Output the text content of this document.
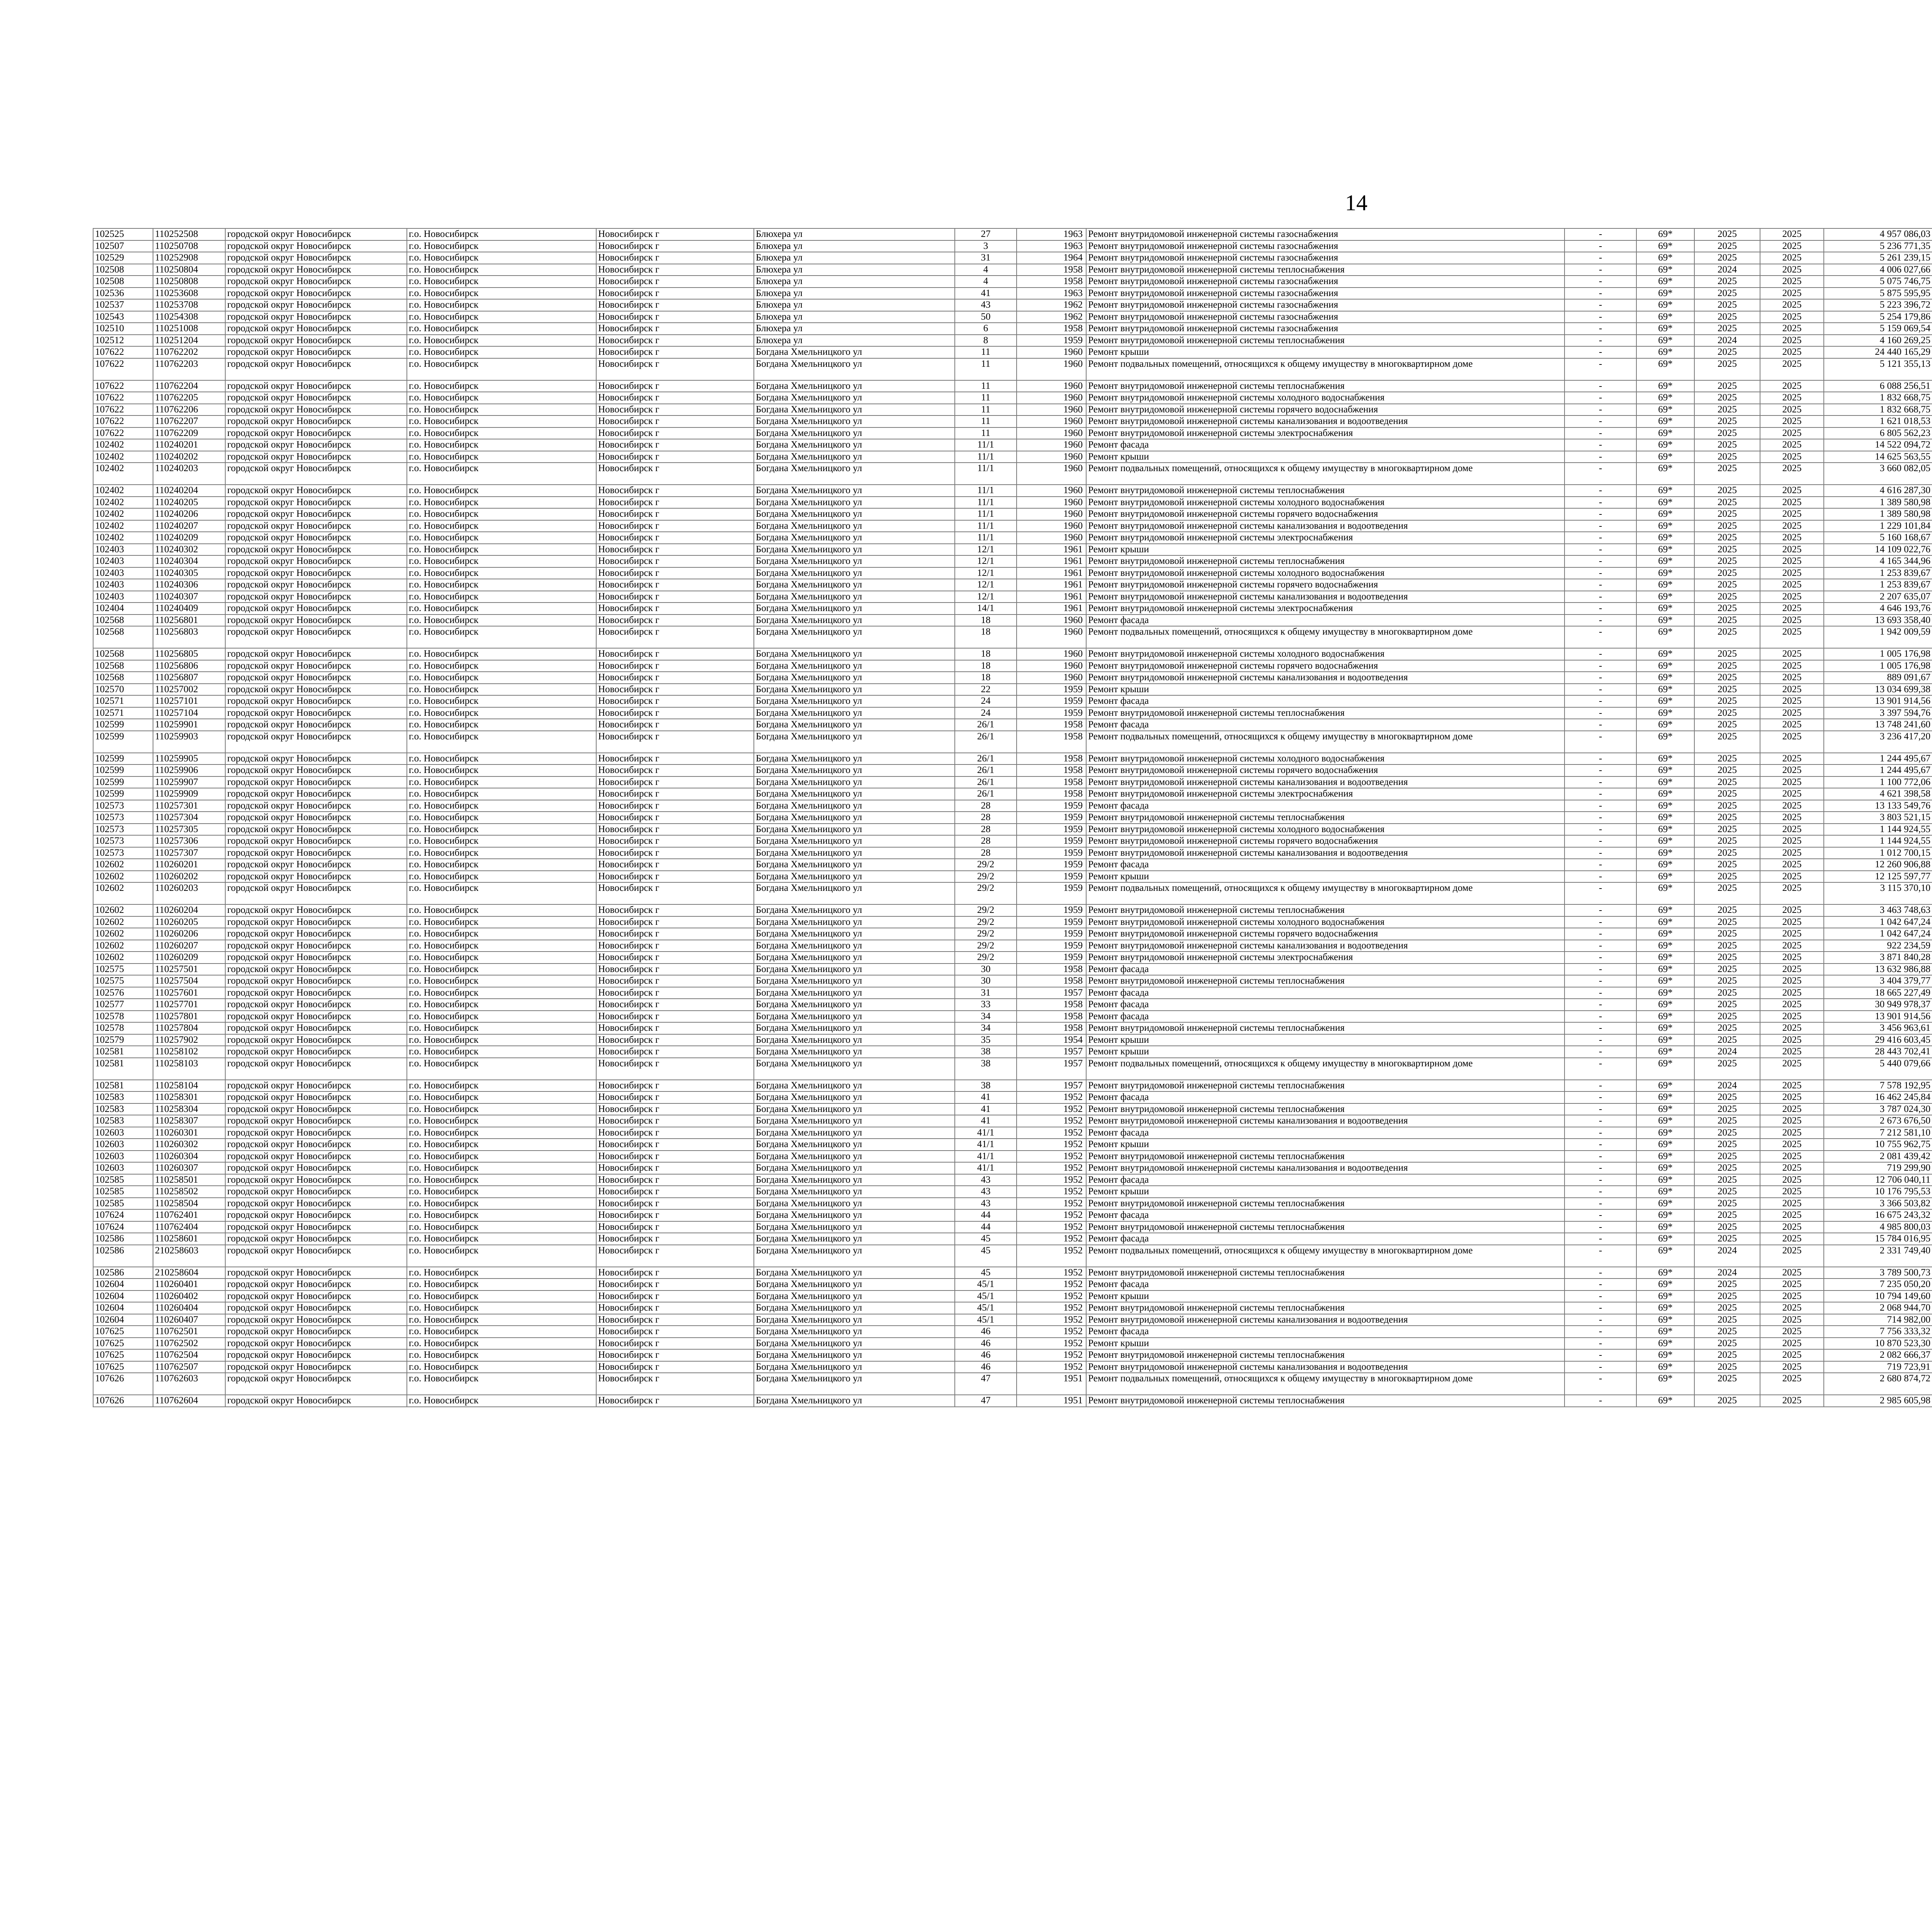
14
102525	110252508	городской округ Новосибирск	г.о. Новосибирск	Новосибирск г	Блюхера ул	27	1963	Ремонт внутридомовой инженерной системы газоснабжения	-	69*	2025	2025	4 957 086,03						
102507	110250708	городской округ Новосибирск	г.о. Новосибирск	Новосибирск г	Блюхера ул	3	1963	Ремонт внутридомовой инженерной системы газоснабжения	-	69*	2025	2025	5 236 771,35						
102529	110252908	городской округ Новосибирск	г.о. Новосибирск	Новосибирск г	Блюхера ул	31	1964	Ремонт внутридомовой инженерной системы газоснабжения	-	69*	2025	2025	5 261 239,15						
102508	110250804	городской округ Новосибирск	г.о. Новосибирск	Новосибирск г	Блюхера ул	4	1958	Ремонт внутридомовой инженерной системы теплоснабжения	-	69*	2024	2025	4 006 027,66						
102508	110250808	городской округ Новосибирск	г.о. Новосибирск	Новосибирск г	Блюхера ул	4	1958	Ремонт внутридомовой инженерной системы газоснабжения	-	69*	2025	2025	5 075 746,75						
102536	110253608	городской округ Новосибирск	г.о. Новосибирск	Новосибирск г	Блюхера ул	41	1963	Ремонт внутридомовой инженерной системы газоснабжения	-	69*	2025	2025	5 875 595,95						
102537	110253708	городской округ Новосибирск	г.о. Новосибирск	Новосибирск г	Блюхера ул	43	1962	Ремонт внутридомовой инженерной системы газоснабжения	-	69*	2025	2025	5 223 396,72						
102543	110254308	городской округ Новосибирск	г.о. Новосибирск	Новосибирск г	Блюхера ул	50	1962	Ремонт внутридомовой инженерной системы газоснабжения	-	69*	2025	2025	5 254 179,86						
102510	110251008	городской округ Новосибирск	г.о. Новосибирск	Новосибирск г	Блюхера ул	6	1958	Ремонт внутридомовой инженерной системы газоснабжения	-	69*	2025	2025	5 159 069,54						
102512	110251204	городской округ Новосибирск	г.о. Новосибирск	Новосибирск г	Блюхера ул	8	1959	Ремонт внутридомовой инженерной системы теплоснабжения	-	69*	2024	2025	4 160 269,25						
107622	110762202	городской округ Новосибирск	г.о. Новосибирск	Новосибирск г	Богдана Хмельницкого ул	11	1960	Ремонт крыши	-	69*	2025	2025	24 440 165,29						
107622	110762203	городской округ Новосибирск	г.о. Новосибирск	Новосибирск г	Богдана Хмельницкого ул	11	1960	Ремонт подвальных помещений, относящихся к общему имуществу в многоквартирном доме	-	69*	2025	2025	5 121 355,13						
107622	110762204	городской округ Новосибирск	г.о. Новосибирск	Новосибирск г	Богдана Хмельницкого ул	11	1960	Ремонт внутридомовой инженерной системы теплоснабжения	-	69*	2025	2025	6 088 256,51						
107622	110762205	городской округ Новосибирск	г.о. Новосибирск	Новосибирск г	Богдана Хмельницкого ул	11	1960	Ремонт внутридомовой инженерной системы холодного водоснабжения	-	69*	2025	2025	1 832 668,75						
107622	110762206	городской округ Новосибирск	г.о. Новосибирск	Новосибирск г	Богдана Хмельницкого ул	11	1960	Ремонт внутридомовой инженерной системы горячего водоснабжения	-	69*	2025	2025	1 832 668,75						
107622	110762207	городской округ Новосибирск	г.о. Новосибирск	Новосибирск г	Богдана Хмельницкого ул	11	1960	Ремонт внутридомовой инженерной системы канализования и водоотведения	-	69*	2025	2025	1 621 018,53						
107622	110762209	городской округ Новосибирск	г.о. Новосибирск	Новосибирск г	Богдана Хмельницкого ул	11	1960	Ремонт внутридомовой инженерной системы электроснабжения	-	69*	2025	2025	6 805 562,23						
102402	110240201	городской округ Новосибирск	г.о. Новосибирск	Новосибирск г	Богдана Хмельницкого ул	11/1	1960	Ремонт фасада	-	69*	2025	2025	14 522 094,72						
102402	110240202	городской округ Новосибирск	г.о. Новосибирск	Новосибирск г	Богдана Хмельницкого ул	11/1	1960	Ремонт крыши	-	69*	2025	2025	14 625 563,55						
102402	110240203	городской округ Новосибирск	г.о. Новосибирск	Новосибирск г	Богдана Хмельницкого ул	11/1	1960	Ремонт подвальных помещений, относящихся к общему имуществу в многоквартирном доме	-	69*	2025	2025	3 660 082,05						
102402	110240204	городской округ Новосибирск	г.о. Новосибирск	Новосибирск г	Богдана Хмельницкого ул	11/1	1960	Ремонт внутридомовой инженерной системы теплоснабжения	-	69*	2025	2025	4 616 287,30						
102402	110240205	городской округ Новосибирск	г.о. Новосибирск	Новосибирск г	Богдана Хмельницкого ул	11/1	1960	Ремонт внутридомовой инженерной системы холодного водоснабжения	-	69*	2025	2025	1 389 580,98						
102402	110240206	городской округ Новосибирск	г.о. Новосибирск	Новосибирск г	Богдана Хмельницкого ул	11/1	1960	Ремонт внутридомовой инженерной системы горячего водоснабжения	-	69*	2025	2025	1 389 580,98						
102402	110240207	городской округ Новосибирск	г.о. Новосибирск	Новосибирск г	Богдана Хмельницкого ул	11/1	1960	Ремонт внутридомовой инженерной системы канализования и водоотведения	-	69*	2025	2025	1 229 101,84						
102402	110240209	городской округ Новосибирск	г.о. Новосибирск	Новосибирск г	Богдана Хмельницкого ул	11/1	1960	Ремонт внутридомовой инженерной системы электроснабжения	-	69*	2025	2025	5 160 168,67						
102403	110240302	городской округ Новосибирск	г.о. Новосибирск	Новосибирск г	Богдана Хмельницкого ул	12/1	1961	Ремонт крыши	-	69*	2025	2025	14 109 022,76						
102403	110240304	городской округ Новосибирск	г.о. Новосибирск	Новосибирск г	Богдана Хмельницкого ул	12/1	1961	Ремонт внутридомовой инженерной системы теплоснабжения	-	69*	2025	2025	4 165 344,96						
102403	110240305	городской округ Новосибирск	г.о. Новосибирск	Новосибирск г	Богдана Хмельницкого ул	12/1	1961	Ремонт внутридомовой инженерной системы холодного водоснабжения	-	69*	2025	2025	1 253 839,67						
102403	110240306	городской округ Новосибирск	г.о. Новосибирск	Новосибирск г	Богдана Хмельницкого ул	12/1	1961	Ремонт внутридомовой инженерной системы горячего водоснабжения	-	69*	2025	2025	1 253 839,67						
102403	110240307	городской округ Новосибирск	г.о. Новосибирск	Новосибирск г	Богдана Хмельницкого ул	12/1	1961	Ремонт внутридомовой инженерной системы канализования и водоотведения	-	69*	2025	2025	2 207 635,07						
102404	110240409	городской округ Новосибирск	г.о. Новосибирск	Новосибирск г	Богдана Хмельницкого ул	14/1	1961	Ремонт внутридомовой инженерной системы электроснабжения	-	69*	2025	2025	4 646 193,76						
102568	110256801	городской округ Новосибирск	г.о. Новосибирск	Новосибирск г	Богдана Хмельницкого ул	18	1960	Ремонт фасада	-	69*	2025	2025	13 693 358,40						
102568	110256803	городской округ Новосибирск	г.о. Новосибирск	Новосибирск г	Богдана Хмельницкого ул	18	1960	Ремонт подвальных помещений, относящихся к общему имуществу в многоквартирном доме	-	69*	2025	2025	1 942 009,59						
102568	110256805	городской округ Новосибирск	г.о. Новосибирск	Новосибирск г	Богдана Хмельницкого ул	18	1960	Ремонт внутридомовой инженерной системы холодного водоснабжения	-	69*	2025	2025	1 005 176,98						
102568	110256806	городской округ Новосибирск	г.о. Новосибирск	Новосибирск г	Богдана Хмельницкого ул	18	1960	Ремонт внутридомовой инженерной системы горячего водоснабжения	-	69*	2025	2025	1 005 176,98						
102568	110256807	городской округ Новосибирск	г.о. Новосибирск	Новосибирск г	Богдана Хмельницкого ул	18	1960	Ремонт внутридомовой инженерной системы канализования и водоотведения	-	69*	2025	2025	889 091,67						
102570	110257002	городской округ Новосибирск	г.о. Новосибирск	Новосибирск г	Богдана Хмельницкого ул	22	1959	Ремонт крыши	-	69*	2025	2025	13 034 699,38						
102571	110257101	городской округ Новосибирск	г.о. Новосибирск	Новосибирск г	Богдана Хмельницкого ул	24	1959	Ремонт фасада	-	69*	2025	2025	13 901 914,56						
102571	110257104	городской округ Новосибирск	г.о. Новосибирск	Новосибирск г	Богдана Хмельницкого ул	24	1959	Ремонт внутридомовой инженерной системы теплоснабжения	-	69*	2025	2025	3 397 594,76						
102599	110259901	городской округ Новосибирск	г.о. Новосибирск	Новосибирск г	Богдана Хмельницкого ул	26/1	1958	Ремонт фасада	-	69*	2025	2025	13 748 241,60						
102599	110259903	городской округ Новосибирск	г.о. Новосибирск	Новосибирск г	Богдана Хмельницкого ул	26/1	1958	Ремонт подвальных помещений, относящихся к общему имуществу в многоквартирном доме	-	69*	2025	2025	3 236 417,20						
102599	110259905	городской округ Новосибирск	г.о. Новосибирск	Новосибирск г	Богдана Хмельницкого ул	26/1	1958	Ремонт внутридомовой инженерной системы холодного водоснабжения	-	69*	2025	2025	1 244 495,67						
102599	110259906	городской округ Новосибирск	г.о. Новосибирск	Новосибирск г	Богдана Хмельницкого ул	26/1	1958	Ремонт внутридомовой инженерной системы горячего водоснабжения	-	69*	2025	2025	1 244 495,67						
102599	110259907	городской округ Новосибирск	г.о. Новосибирск	Новосибирск г	Богдана Хмельницкого ул	26/1	1958	Ремонт внутридомовой инженерной системы канализования и водоотведения	-	69*	2025	2025	1 100 772,06						
102599	110259909	городской округ Новосибирск	г.о. Новосибирск	Новосибирск г	Богдана Хмельницкого ул	26/1	1958	Ремонт внутридомовой инженерной системы электроснабжения	-	69*	2025	2025	4 621 398,58						
102573	110257301	городской округ Новосибирск	г.о. Новосибирск	Новосибирск г	Богдана Хмельницкого ул	28	1959	Ремонт фасада	-	69*	2025	2025	13 133 549,76						
102573	110257304	городской округ Новосибирск	г.о. Новосибирск	Новосибирск г	Богдана Хмельницкого ул	28	1959	Ремонт внутридомовой инженерной системы теплоснабжения	-	69*	2025	2025	3 803 521,15						
102573	110257305	городской округ Новосибирск	г.о. Новосибирск	Новосибирск г	Богдана Хмельницкого ул	28	1959	Ремонт внутридомовой инженерной системы холодного водоснабжения	-	69*	2025	2025	1 144 924,55						
102573	110257306	городской округ Новосибирск	г.о. Новосибирск	Новосибирск г	Богдана Хмельницкого ул	28	1959	Ремонт внутридомовой инженерной системы горячего водоснабжения	-	69*	2025	2025	1 144 924,55						
102573	110257307	городской округ Новосибирск	г.о. Новосибирск	Новосибирск г	Богдана Хмельницкого ул	28	1959	Ремонт внутридомовой инженерной системы канализования и водоотведения	-	69*	2025	2025	1 012 700,15						
102602	110260201	городской округ Новосибирск	г.о. Новосибирск	Новосибирск г	Богдана Хмельницкого ул	29/2	1959	Ремонт фасада	-	69*	2025	2025	12 260 906,88						
102602	110260202	городской округ Новосибирск	г.о. Новосибирск	Новосибирск г	Богдана Хмельницкого ул	29/2	1959	Ремонт крыши	-	69*	2025	2025	12 125 597,77						
102602	110260203	городской округ Новосибирск	г.о. Новосибирск	Новосибирск г	Богдана Хмельницкого ул	29/2	1959	Ремонт подвальных помещений, относящихся к общему имуществу в многоквартирном доме	-	69*	2025	2025	3 115 370,10						
102602	110260204	городской округ Новосибирск	г.о. Новосибирск	Новосибирск г	Богдана Хмельницкого ул	29/2	1959	Ремонт внутридомовой инженерной системы теплоснабжения	-	69*	2025	2025	3 463 748,63						
102602	110260205	городской округ Новосибирск	г.о. Новосибирск	Новосибирск г	Богдана Хмельницкого ул	29/2	1959	Ремонт внутридомовой инженерной системы холодного водоснабжения	-	69*	2025	2025	1 042 647,24						
102602	110260206	городской округ Новосибирск	г.о. Новосибирск	Новосибирск г	Богдана Хмельницкого ул	29/2	1959	Ремонт внутридомовой инженерной системы горячего водоснабжения	-	69*	2025	2025	1 042 647,24						
102602	110260207	городской округ Новосибирск	г.о. Новосибирск	Новосибирск г	Богдана Хмельницкого ул	29/2	1959	Ремонт внутридомовой инженерной системы канализования и водоотведения	-	69*	2025	2025	922 234,59						
102602	110260209	городской округ Новосибирск	г.о. Новосибирск	Новосибирск г	Богдана Хмельницкого ул	29/2	1959	Ремонт внутридомовой инженерной системы электроснабжения	-	69*	2025	2025	3 871 840,28						
102575	110257501	городской округ Новосибирск	г.о. Новосибирск	Новосибирск г	Богдана Хмельницкого ул	30	1958	Ремонт фасада	-	69*	2025	2025	13 632 986,88						
102575	110257504	городской округ Новосибирск	г.о. Новосибирск	Новосибирск г	Богдана Хмельницкого ул	30	1958	Ремонт внутридомовой инженерной системы теплоснабжения	-	69*	2025	2025	3 404 379,77						
102576	110257601	городской округ Новосибирск	г.о. Новосибирск	Новосибирск г	Богдана Хмельницкого ул	31	1957	Ремонт фасада	-	69*	2025	2025	18 665 227,49						
102577	110257701	городской округ Новосибирск	г.о. Новосибирск	Новосибирск г	Богдана Хмельницкого ул	33	1958	Ремонт фасада	-	69*	2025	2025	30 949 978,37						
102578	110257801	городской округ Новосибирск	г.о. Новосибирск	Новосибирск г	Богдана Хмельницкого ул	34	1958	Ремонт фасада	-	69*	2025	2025	13 901 914,56						
102578	110257804	городской округ Новосибирск	г.о. Новосибирск	Новосибирск г	Богдана Хмельницкого ул	34	1958	Ремонт внутридомовой инженерной системы теплоснабжения	-	69*	2025	2025	3 456 963,61						
102579	110257902	городской округ Новосибирск	г.о. Новосибирск	Новосибирск г	Богдана Хмельницкого ул	35	1954	Ремонт крыши	-	69*	2025	2025	29 416 603,45						
102581	110258102	городской округ Новосибирск	г.о. Новосибирск	Новосибирск г	Богдана Хмельницкого ул	38	1957	Ремонт крыши	-	69*	2024	2025	28 443 702,41						
102581	110258103	городской округ Новосибирск	г.о. Новосибирск	Новосибирск г	Богдана Хмельницкого ул	38	1957	Ремонт подвальных помещений, относящихся к общему имуществу в многоквартирном доме	-	69*	2025	2025	5 440 079,66						
102581	110258104	городской округ Новосибирск	г.о. Новосибирск	Новосибирск г	Богдана Хмельницкого ул	38	1957	Ремонт внутридомовой инженерной системы теплоснабжения	-	69*	2024	2025	7 578 192,95						
102583	110258301	городской округ Новосибирск	г.о. Новосибирск	Новосибирск г	Богдана Хмельницкого ул	41	1952	Ремонт фасада	-	69*	2025	2025	16 462 245,84						
102583	110258304	городской округ Новосибирск	г.о. Новосибирск	Новосибирск г	Богдана Хмельницкого ул	41	1952	Ремонт внутридомовой инженерной системы теплоснабжения	-	69*	2025	2025	3 787 024,30						
102583	110258307	городской округ Новосибирск	г.о. Новосибирск	Новосибирск г	Богдана Хмельницкого ул	41	1952	Ремонт внутридомовой инженерной системы канализования и водоотведения	-	69*	2025	2025	2 673 676,50						
102603	110260301	городской округ Новосибирск	г.о. Новосибирск	Новосибирск г	Богдана Хмельницкого ул	41/1	1952	Ремонт фасада	-	69*	2025	2025	7 212 581,10						
102603	110260302	городской округ Новосибирск	г.о. Новосибирск	Новосибирск г	Богдана Хмельницкого ул	41/1	1952	Ремонт крыши	-	69*	2025	2025	10 755 962,75						
102603	110260304	городской округ Новосибирск	г.о. Новосибирск	Новосибирск г	Богдана Хмельницкого ул	41/1	1952	Ремонт внутридомовой инженерной системы теплоснабжения	-	69*	2025	2025	2 081 439,42						
102603	110260307	городской округ Новосибирск	г.о. Новосибирск	Новосибирск г	Богдана Хмельницкого ул	41/1	1952	Ремонт внутридомовой инженерной системы канализования и водоотведения	-	69*	2025	2025	719 299,90						
102585	110258501	городской округ Новосибирск	г.о. Новосибирск	Новосибирск г	Богдана Хмельницкого ул	43	1952	Ремонт фасада	-	69*	2025	2025	12 706 040,11						
102585	110258502	городской округ Новосибирск	г.о. Новосибирск	Новосибирск г	Богдана Хмельницкого ул	43	1952	Ремонт крыши	-	69*	2025	2025	10 176 795,53						
102585	110258504	городской округ Новосибирск	г.о. Новосибирск	Новосибирск г	Богдана Хмельницкого ул	43	1952	Ремонт внутридомовой инженерной системы теплоснабжения	-	69*	2025	2025	3 366 503,82						
107624	110762401	городской округ Новосибирск	г.о. Новосибирск	Новосибирск г	Богдана Хмельницкого ул	44	1952	Ремонт фасада	-	69*	2025	2025	16 675 243,32						
107624	110762404	городской округ Новосибирск	г.о. Новосибирск	Новосибирск г	Богдана Хмельницкого ул	44	1952	Ремонт внутридомовой инженерной системы теплоснабжения	-	69*	2025	2025	4 985 800,03						
102586	110258601	городской округ Новосибирск	г.о. Новосибирск	Новосибирск г	Богдана Хмельницкого ул	45	1952	Ремонт фасада	-	69*	2025	2025	15 784 016,95						
102586	210258603	городской округ Новосибирск	г.о. Новосибирск	Новосибирск г	Богдана Хмельницкого ул	45	1952	Ремонт подвальных помещений, относящихся к общему имуществу в многоквартирном доме	-	69*	2024	2025	2 331 749,40						
102586	210258604	городской округ Новосибирск	г.о. Новосибирск	Новосибирск г	Богдана Хмельницкого ул	45	1952	Ремонт внутридомовой инженерной системы теплоснабжения	-	69*	2024	2025	3 789 500,73						
102604	110260401	городской округ Новосибирск	г.о. Новосибирск	Новосибирск г	Богдана Хмельницкого ул	45/1	1952	Ремонт фасада	-	69*	2025	2025	7 235 050,20						
102604	110260402	городской округ Новосибирск	г.о. Новосибирск	Новосибирск г	Богдана Хмельницкого ул	45/1	1952	Ремонт крыши	-	69*	2025	2025	10 794 149,60						
102604	110260404	городской округ Новосибирск	г.о. Новосибирск	Новосибирск г	Богдана Хмельницкого ул	45/1	1952	Ремонт внутридомовой инженерной системы теплоснабжения	-	69*	2025	2025	2 068 944,70						
102604	110260407	городской округ Новосибирск	г.о. Новосибирск	Новосибирск г	Богдана Хмельницкого ул	45/1	1952	Ремонт внутридомовой инженерной системы канализования и водоотведения	-	69*	2025	2025	714 982,00						
107625	110762501	городской округ Новосибирск	г.о. Новосибирск	Новосибирск г	Богдана Хмельницкого ул	46	1952	Ремонт фасада	-	69*	2025	2025	7 756 333,32						
107625	110762502	городской округ Новосибирск	г.о. Новосибирск	Новосибирск г	Богдана Хмельницкого ул	46	1952	Ремонт крыши	-	69*	2025	2025	10 870 523,30						
107625	110762504	городской округ Новосибирск	г.о. Новосибирск	Новосибирск г	Богдана Хмельницкого ул	46	1952	Ремонт внутридомовой инженерной системы теплоснабжения	-	69*	2025	2025	2 082 666,37						
107625	110762507	городской округ Новосибирск	г.о. Новосибирск	Новосибирск г	Богдана Хмельницкого ул	46	1952	Ремонт внутридомовой инженерной системы канализования и водоотведения	-	69*	2025	2025	719 723,91						
107626	110762603	городской округ Новосибирск	г.о. Новосибирск	Новосибирск г	Богдана Хмельницкого ул	47	1951	Ремонт подвальных помещений, относящихся к общему имуществу в многоквартирном доме	-	69*	2025	2025	2 680 874,72						
107626	110762604	городской округ Новосибирск	г.о. Новосибирск	Новосибирск г	Богдана Хмельницкого ул	47	1951	Ремонт внутридомовой инженерной системы теплоснабжения	-	69*	2025	2025	2 985 605,98						
